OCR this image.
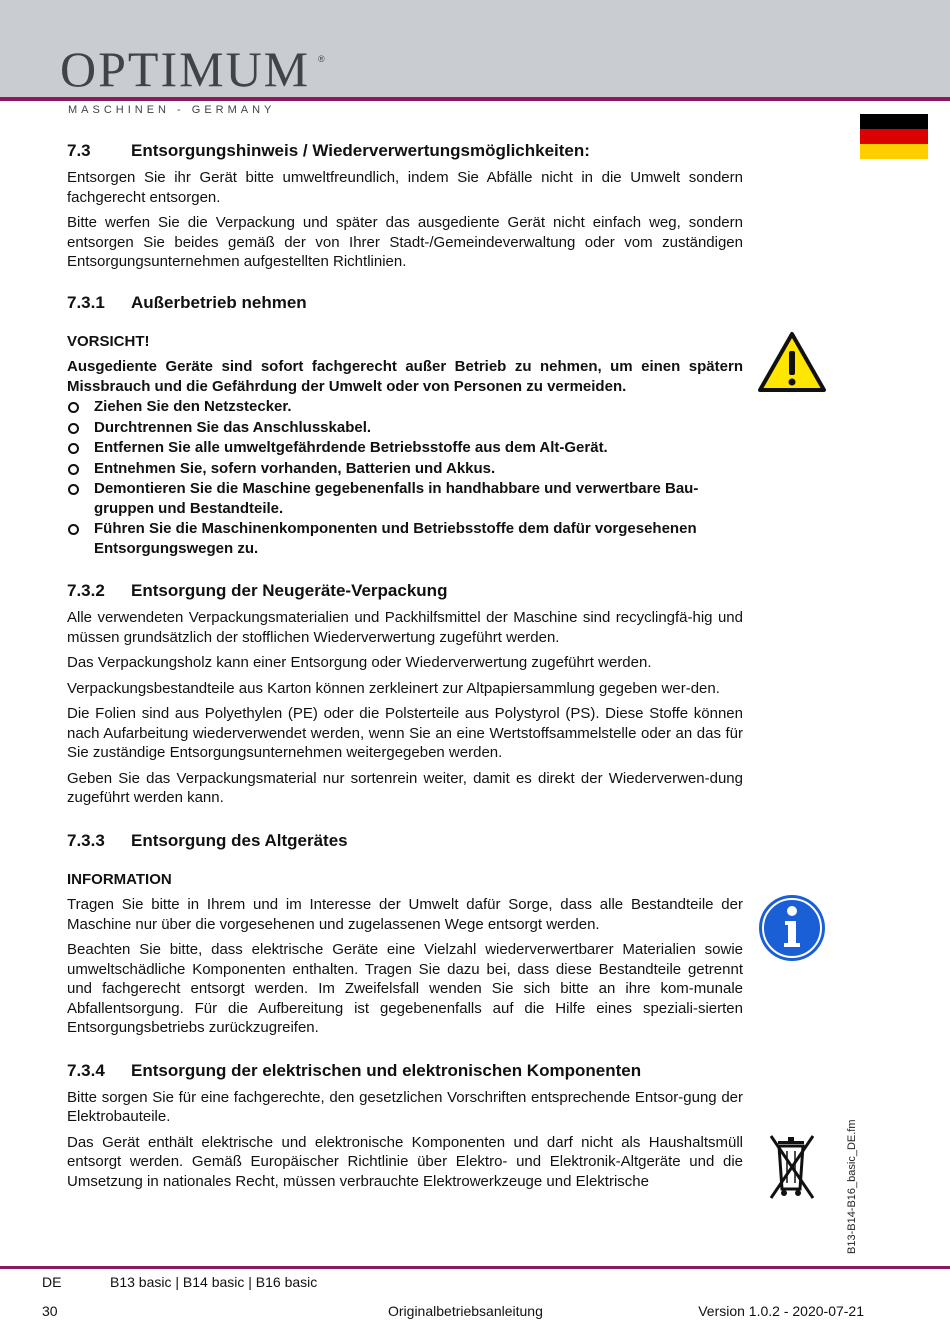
OPTIMUM ®
MASCHINEN - GERMANY
7.3 Entsorgungshinweis / Wiederverwertungsmöglichkeiten:

Entsorgen Sie ihr Gerät bitte umweltfreundlich, indem Sie Abfälle nicht in die Umwelt sondern fachgerecht entsorgen.

Bitte werfen Sie die Verpackung und später das ausgediente Gerät nicht einfach weg, sondern entsorgen Sie beides gemäß der von Ihrer Stadt-/Gemeindeverwaltung oder vom zuständigen Entsorgungsunternehmen aufgestellten Richtlinien.

7.3.1 Außerbetrieb nehmen

VORSICHT!

Ausgediente Geräte sind sofort fachgerecht außer Betrieb zu nehmen, um einen spätern Missbrauch und die Gefährdung der Umwelt oder von Personen zu vermeiden.

Ziehen Sie den Netzstecker.
Durchtrennen Sie das Anschlusskabel.
Entfernen Sie alle umweltgefährdende Betriebsstoffe aus dem Alt-Gerät.
Entnehmen Sie, sofern vorhanden, Batterien und Akkus.
Demontieren Sie die Maschine gegebenenfalls in handhabbare und verwertbare Bau-gruppen und Bestandteile.
Führen Sie die Maschinenkomponenten und Betriebsstoffe dem dafür vorgesehenen Entsorgungswegen zu.
7.3.2 Entsorgung der Neugeräte-Verpackung

Alle verwendeten Verpackungsmaterialien und Packhilfsmittel der Maschine sind recyclingfä-hig und müssen grundsätzlich der stofflichen Wiederverwertung zugeführt werden.

Das Verpackungsholz kann einer Entsorgung oder Wiederverwertung zugeführt werden.

Verpackungsbestandteile aus Karton können zerkleinert zur Altpapiersammlung gegeben wer-den.

Die Folien sind aus Polyethylen (PE) oder die Polsterteile aus Polystyrol (PS). Diese Stoffe können nach Aufarbeitung wiederverwendet werden, wenn Sie an eine Wertstoffsammelstelle oder an das für Sie zuständige Entsorgungsunternehmen weitergegeben werden.

Geben Sie das Verpackungsmaterial nur sortenrein weiter, damit es direkt der Wiederverwen-dung zugeführt werden kann.

7.3.3 Entsorgung des Altgerätes

INFORMATION

Tragen Sie bitte in Ihrem und im Interesse der Umwelt dafür Sorge, dass alle Bestandteile der Maschine nur über die vorgesehenen und zugelassenen Wege entsorgt werden.

Beachten Sie bitte, dass elektrische Geräte eine Vielzahl wiederverwertbarer Materialien sowie umweltschädliche Komponenten enthalten. Tragen Sie dazu bei, dass diese Bestandteile getrennt und fachgerecht entsorgt werden. Im Zweifelsfall wenden Sie sich bitte an ihre kom-munale Abfallentsorgung. Für die Aufbereitung ist gegebenenfalls auf die Hilfe eines speziali-sierten Entsorgungsbetriebs zurückzugreifen.

7.3.4 Entsorgung der elektrischen und elektronischen Komponenten

Bitte sorgen Sie für eine fachgerechte, den gesetzlichen Vorschriften entsprechende Entsor-gung der Elektrobauteile.

Das Gerät enthält elektrische und elektronische Komponenten und darf nicht als Haushaltsmüll entsorgt werden. Gemäß Europäischer Richtlinie über Elektro- und Elektronik-Altgeräte und die Umsetzung in nationales Recht, müssen verbrauchte Elektrowerkzeuge und Elektrische	B13-B14-B16_basic_DE.fm
DE	B13 basic | B14 basic | B16 basic
30	Originalbetriebsanleitung	Version 1.0.2 - 2020-07-21
